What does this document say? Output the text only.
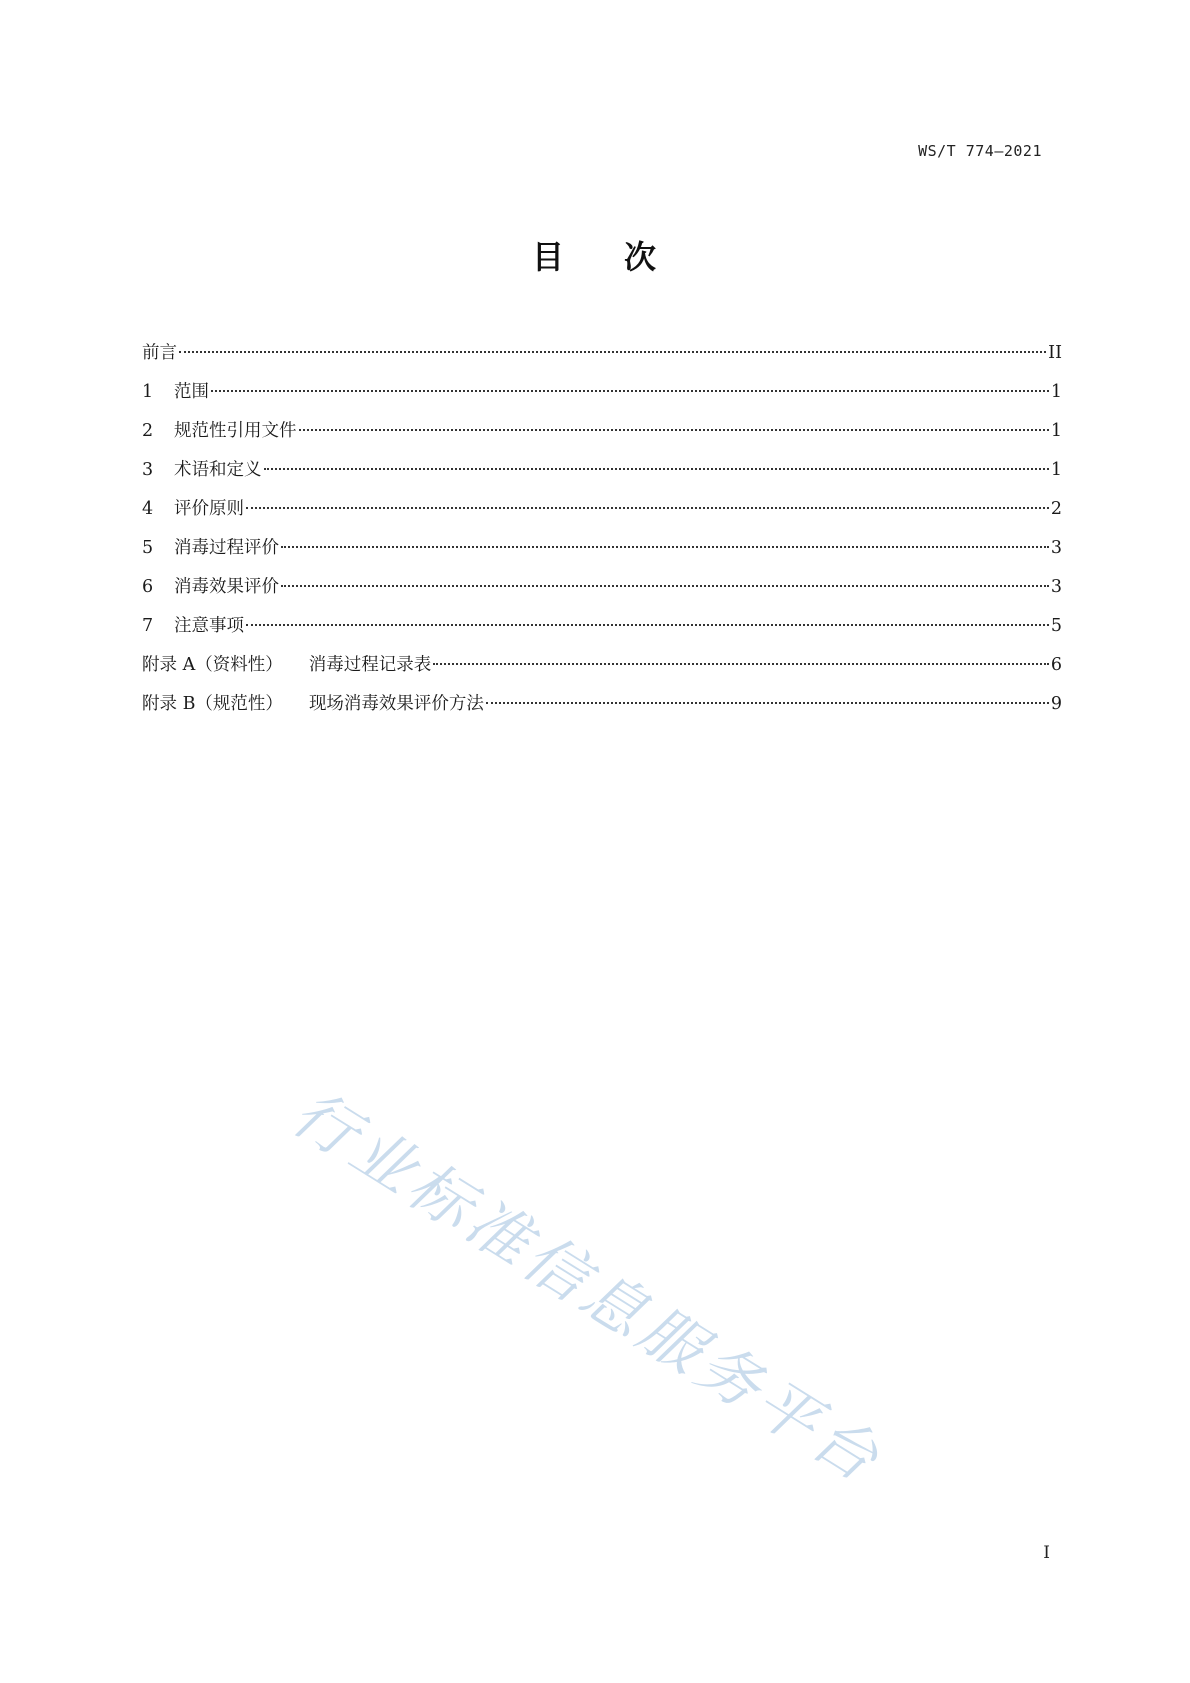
WS/T 774—2021
目 次
前言	II
1	范围	1
2	规范性引用文件	1
3	术语和定义	1
4	评价原则	2
5	消毒过程评价	3
6	消毒效果评价	3
7	注意事项	5
附录 A（资料性） 消毒过程记录表	6
附录 B（规范性） 现场消毒效果评价方法	9
行业标准信息服务平台
I
